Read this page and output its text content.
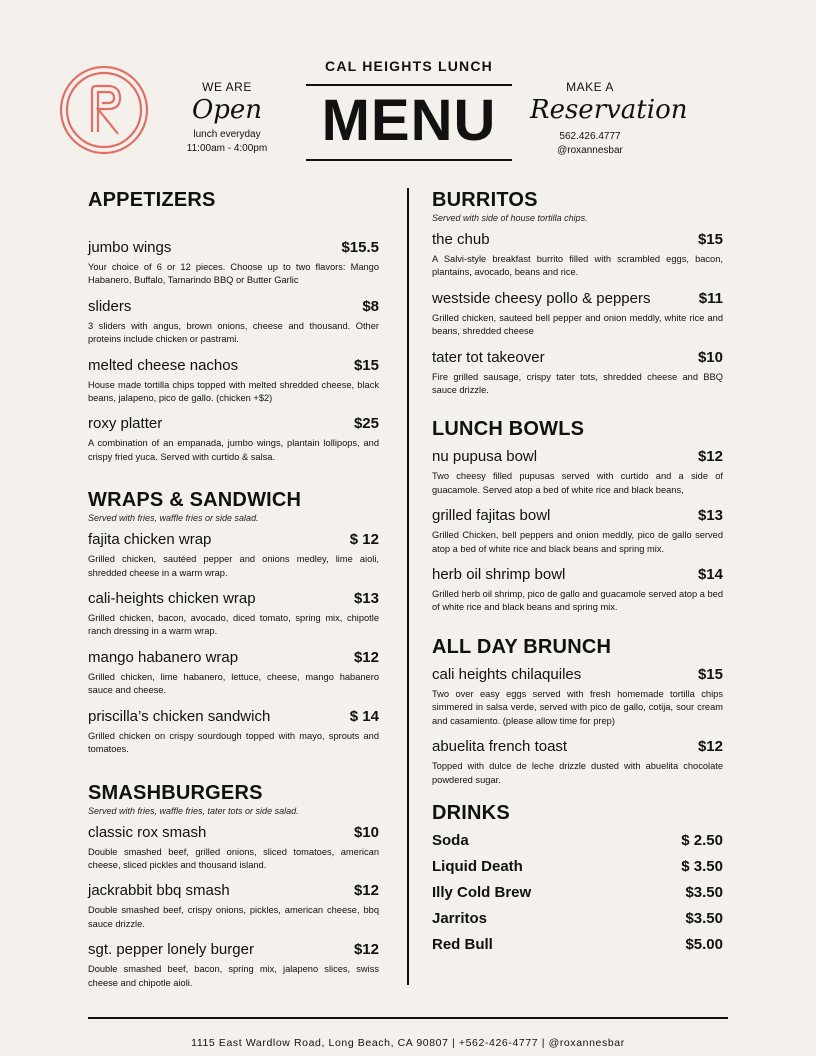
WE ARE
Open
lunch everyday
11:00am - 4:00pm
CAL HEIGHTS LUNCH
MENU
MAKE A
Reservation
562.426.4777
@roxannesbar
APPETIZERS
jumbo wings	$15.5
Your choice of 6 or 12 pieces. Choose up to two flavors: Mango Habanero, Buffalo, Tamarindo BBQ or Butter Garlic
sliders	$8
3 sliders with angus, brown onions, cheese and thousand. Other proteins include chicken or pastrami.
melted cheese nachos	$15
House made tortilla chips topped with melted shredded cheese, black beans, jalapeno, pico de gallo. (chicken +$2)
roxy platter	$25
A combination of an empanada, jumbo wings, plantain lollipops, and crispy fried yuca. Served with curtido & salsa.
WRAPS & SANDWICH
Served with fries, waffle fries or side salad.
fajita chicken wrap	$ 12
Grilled chicken, sautéed pepper and onions medley, lime aioli, shredded cheese in a warm wrap.
cali-heights chicken wrap	$13
Grilled chicken, bacon, avocado, diced tomato, spring mix, chipotle ranch dressing in a warm wrap.
mango habanero wrap	$12
Grilled chicken, lime habanero, lettuce, cheese, mango habanero sauce and cheese.
priscilla’s chicken sandwich	$ 14
Grilled chicken on crispy sourdough topped with mayo, sprouts and tomatoes.
SMASHBURGERS
Served with fries, waffle fries, tater tots or side salad.
classic rox smash	$10
Double smashed beef, grilled onions, sliced tomatoes, american cheese, sliced pickles and thousand island.
jackrabbit bbq smash	$12
Double smashed beef, crispy onions, pickles, american cheese, bbq sauce drizzle.
sgt. pepper lonely burger	$12
Double smashed beef, bacon, spring mix, jalapeno slices, swiss cheese and chipotle aioli.
BURRITOS
Served with side of house tortilla chips.
the chub	$15
A Salvi-style breakfast burrito filled with scrambled eggs, bacon, plantains, avocado, beans and rice.
westside cheesy pollo & peppers	$11
Grilled chicken, sauteed bell pepper and onion meddly, white rice and beans, shredded cheese
tater tot takeover	$10
Fire grilled sausage, crispy tater tots, shredded cheese and BBQ sauce drizzle.
LUNCH BOWLS
nu pupusa bowl	$12
Two cheesy filled pupusas served with curtido and a side of guacamole. Served atop a bed of white rice and black beans,
grilled fajitas bowl	$13
Grilled Chicken, bell peppers and onion meddly, pico de gallo served atop a bed of white rice and black beans and spring mix.
herb oil shrimp bowl	$14
Grilled herb oil shrimp, pico de gallo and guacamole served atop a bed of white rice and black beans and spring mix.
ALL DAY BRUNCH
cali heights chilaquiles	$15
Two over easy eggs served with fresh homemade tortilla chips simmered in salsa verde, served with pico de gallo, cotija, sour cream and casamiento. (please allow time for prep)
abuelita french toast	$12
Topped with dulce de leche drizzle dusted with abuelita chocolate powdered sugar.
DRINKS
Soda	$ 2.50
Liquid Death	$ 3.50
Illy Cold Brew	$3.50
Jarritos	$3.50
Red Bull	$5.00
1115 East Wardlow Road, Long Beach, CA 90807 | +562-426-4777 | @roxannesbar
